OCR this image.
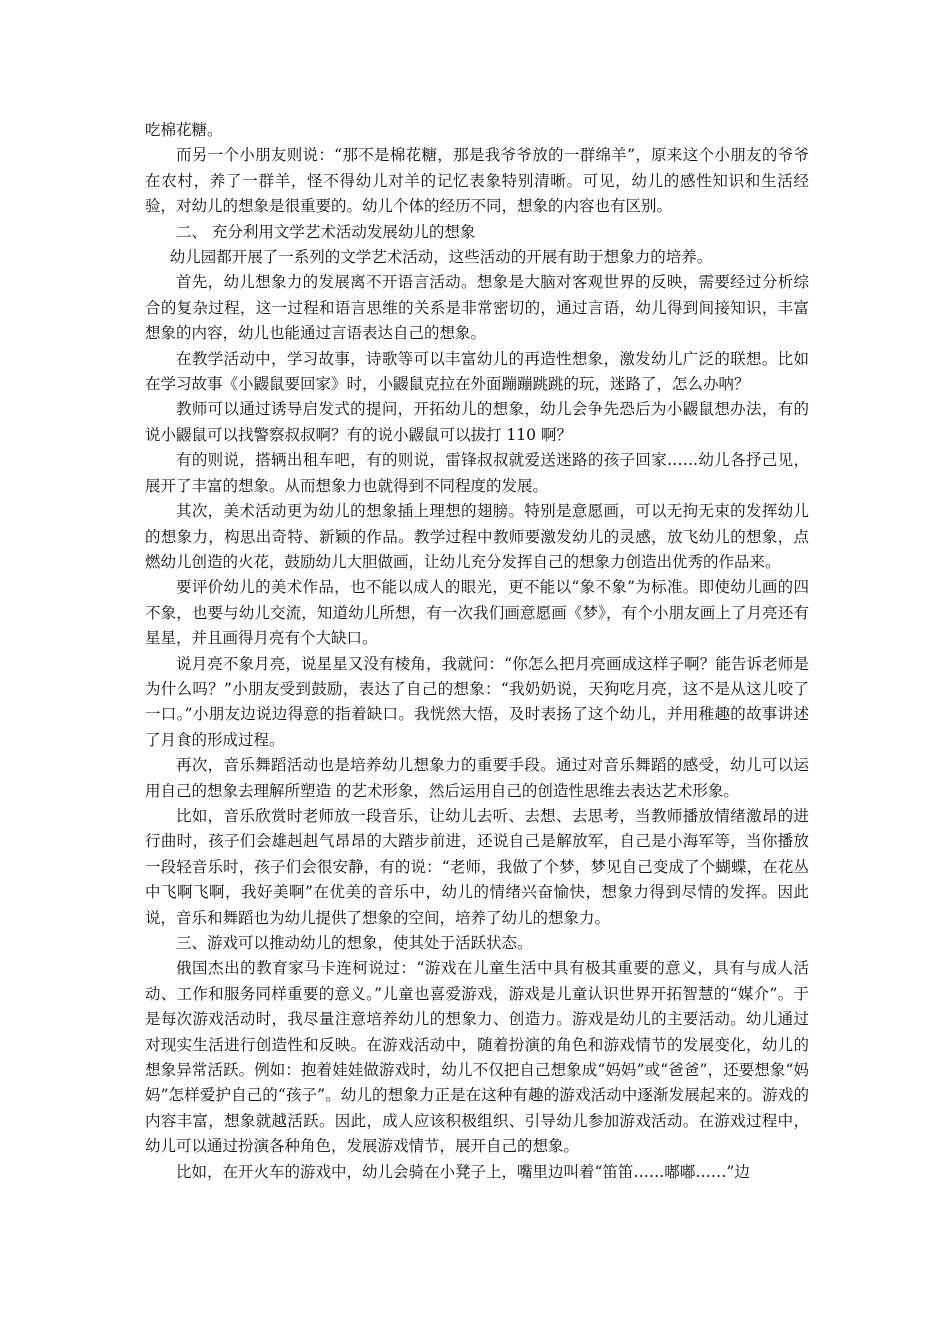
吃棉花糖。

而另一个小朋友则说：“那不是棉花糖，那是我爷爷放的一群绵羊”，原来这个小朋友的爷爷在农村，养了一群羊，怪不得幼儿对羊的记忆表象特别清晰。可见，幼儿的感性知识和生活经验，对幼儿的想象是很重要的。幼儿个体的经历不同，想象的内容也有区别。

二、 充分利用文学艺术活动发展幼儿的想象

幼儿园都开展了一系列的文学艺术活动，这些活动的开展有助于想象力的培养。

首先，幼儿想象力的发展离不开语言活动。想象是大脑对客观世界的反映，需要经过分析综合的复杂过程，这一过程和语言思维的关系是非常密切的，通过言语，幼儿得到间接知识，丰富想象的内容，幼儿也能通过言语表达自己的想象。

在教学活动中，学习故事，诗歌等可以丰富幼儿的再造性想象，激发幼儿广泛的联想。比如在学习故事《小鼹鼠要回家》时，小鼹鼠克拉在外面蹦蹦跳跳的玩，迷路了，怎么办呐？

教师可以通过诱导启发式的提问，开拓幼儿的想象，幼儿会争先恐后为小鼹鼠想办法，有的说小鼹鼠可以找警察叔叔啊？有的说小鼹鼠可以拔打 110 啊？

有的则说，搭辆出租车吧，有的则说，雷锋叔叔就爱送迷路的孩子回家……幼儿各抒己见，展开了丰富的想象。从而想象力也就得到不同程度的发展。

其次，美术活动更为幼儿的想象插上理想的翅膀。特别是意愿画，可以无拘无束的发挥幼儿的想象力，构思出奇特、新颖的作品。教学过程中教师要激发幼儿的灵感，放飞幼儿的想象，点燃幼儿创造的火花，鼓励幼儿大胆做画，让幼儿充分发挥自己的想象力创造出优秀的作品来。

要评价幼儿的美术作品，也不能以成人的眼光，更不能以“象不象”为标准。即使幼儿画的四不象，也要与幼儿交流，知道幼儿所想，有一次我们画意愿画《梦》，有个小朋友画上了月亮还有星星，并且画得月亮有个大缺口。

说月亮不象月亮，说星星又没有棱角，我就问：“你怎么把月亮画成这样子啊？能告诉老师是为什么吗？”小朋友受到鼓励，表达了自己的想象：“我奶奶说，天狗吃月亮，这不是从这儿咬了一口。”小朋友边说边得意的指着缺口。我恍然大悟，及时表扬了这个幼儿，并用稚趣的故事讲述了月食的形成过程。

再次，音乐舞蹈活动也是培养幼儿想象力的重要手段。通过对音乐舞蹈的感受，幼儿可以运用自己的想象去理解所塑造 的艺术形象，然后运用自己的创造性思维去表达艺术形象。

比如，音乐欣赏时老师放一段音乐，让幼儿去听、去想、去思考，当教师播放情绪激昂的进行曲时，孩子们会雄赳赳气昂昂的大踏步前进，还说自己是解放军，自己是小海军等，当你播放一段轻音乐时，孩子们会很安静，有的说：“老师，我做了个梦，梦见自己变成了个蝴蝶，在花丛中飞啊飞啊，我好美啊”在优美的音乐中，幼儿的情绪兴奋愉快，想象力得到尽情的发挥。因此说，音乐和舞蹈也为幼儿提供了想象的空间，培养了幼儿的想象力。

三、游戏可以推动幼儿的想象，使其处于活跃状态。

俄国杰出的教育家马卡连柯说过：“游戏在儿童生活中具有极其重要的意义，具有与成人活动、工作和服务同样重要的意义。”儿童也喜爱游戏，游戏是儿童认识世界开拓智慧的“媒介”。于是每次游戏活动时，我尽量注意培养幼儿的想象力、创造力。游戏是幼儿的主要活动。幼儿通过对现实生活进行创造性和反映。在游戏活动中，随着扮演的角色和游戏情节的发展变化，幼儿的想象异常活跃。例如：抱着娃娃做游戏时，幼儿不仅把自己想象成“妈妈”或“爸爸”，还要想象“妈妈”怎样爱护自己的“孩子”。幼儿的想象力正是在这种有趣的游戏活动中逐渐发展起来的。游戏的内容丰富，想象就越活跃。因此，成人应该积极组织、引导幼儿参加游戏活动。在游戏过程中，幼儿可以通过扮演各种角色，发展游戏情节，展开自己的想象。

比如，在开火车的游戏中，幼儿会骑在小凳子上，嘴里边叫着“笛笛……嘟嘟……”边
